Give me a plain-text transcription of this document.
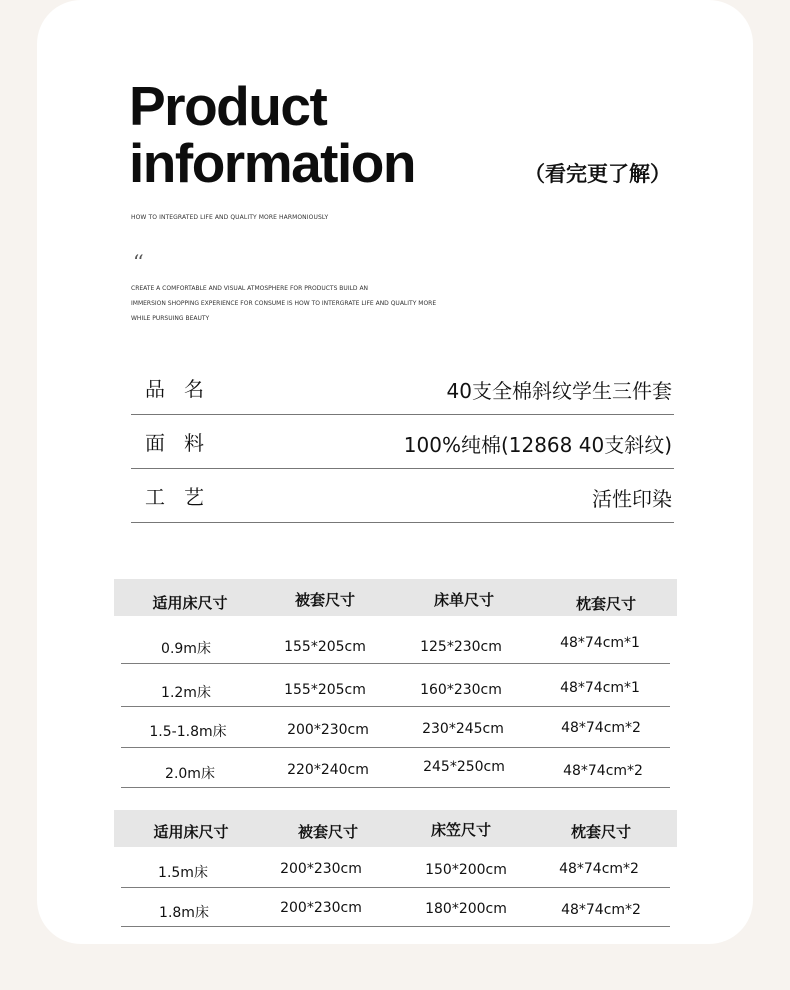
Product
information	（看完更了解）
HOW TO INTEGRATED LIFE AND QUALITY MORE HARMONIOUSLY
‘‘
CREATE A COMFORTABLE AND VISUAL ATMOSPHERE FOR PRODUCTS BUILD AN
IMMERSION SHOPPING EXPERIENCE FOR CONSUME IS HOW TO INTERGRATE LIFE AND QUALITY MORE
WHILE PURSUING BEAUTY
品名	40支全棉斜纹学生三件套
面料	100%纯棉(12868 40支斜纹)
工艺	活性印染
适用床尺寸	被套尺寸	床单尺寸	枕套尺寸
0.9m床	155*205cm	125*230cm	48*74cm*1
1.2m床	155*205cm	160*230cm	48*74cm*1
1.5-1.8m床	200*230cm	230*245cm	48*74cm*2
2.0m床	220*240cm	245*250cm	48*74cm*2
适用床尺寸	被套尺寸	床笠尺寸	枕套尺寸
1.5m床	200*230cm	150*200cm	48*74cm*2
1.8m床	200*230cm	180*200cm	48*74cm*2
